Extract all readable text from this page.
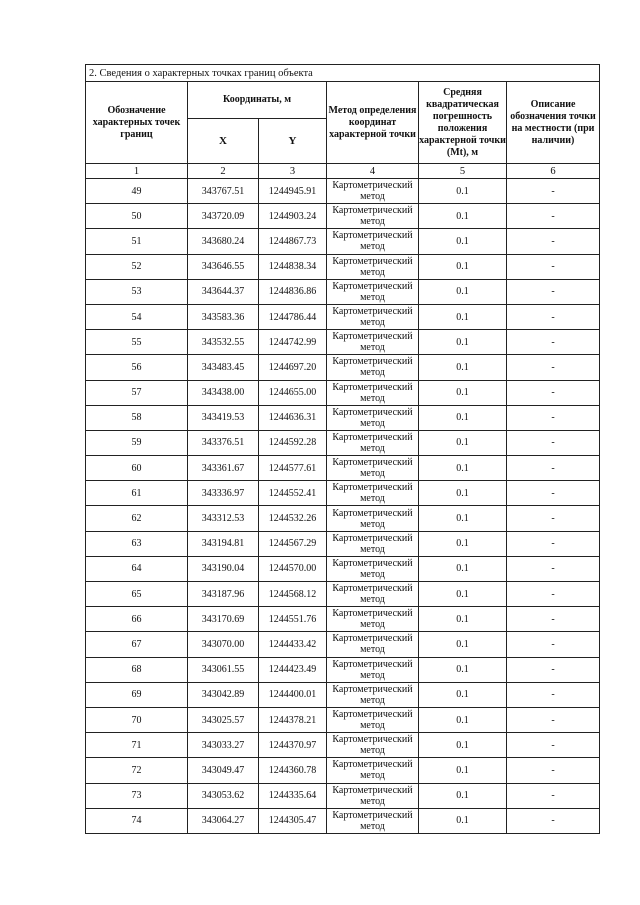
2. Сведения о характерных точках границ объекта					
Обозначение характерных точек границ	Координаты, м		Метод определения координат характерной точки	Средняя квадратическая погрешность положения характерной точки (Mt), м	Описание обозначения точки на местности (при наличии)
	X	Y			
1	2	3	4	5	6
49	343767.51	1244945.91	Картометрический метод	0.1	-
50	343720.09	1244903.24	Картометрический метод	0.1	-
51	343680.24	1244867.73	Картометрический метод	0.1	-
52	343646.55	1244838.34	Картометрический метод	0.1	-
53	343644.37	1244836.86	Картометрический метод	0.1	-
54	343583.36	1244786.44	Картометрический метод	0.1	-
55	343532.55	1244742.99	Картометрический метод	0.1	-
56	343483.45	1244697.20	Картометрический метод	0.1	-
57	343438.00	1244655.00	Картометрический метод	0.1	-
58	343419.53	1244636.31	Картометрический метод	0.1	-
59	343376.51	1244592.28	Картометрический метод	0.1	-
60	343361.67	1244577.61	Картометрический метод	0.1	-
61	343336.97	1244552.41	Картометрический метод	0.1	-
62	343312.53	1244532.26	Картометрический метод	0.1	-
63	343194.81	1244567.29	Картометрический метод	0.1	-
64	343190.04	1244570.00	Картометрический метод	0.1	-
65	343187.96	1244568.12	Картометрический метод	0.1	-
66	343170.69	1244551.76	Картометрический метод	0.1	-
67	343070.00	1244433.42	Картометрический метод	0.1	-
68	343061.55	1244423.49	Картометрический метод	0.1	-
69	343042.89	1244400.01	Картометрический метод	0.1	-
70	343025.57	1244378.21	Картометрический метод	0.1	-
71	343033.27	1244370.97	Картометрический метод	0.1	-
72	343049.47	1244360.78	Картометрический метод	0.1	-
73	343053.62	1244335.64	Картометрический метод	0.1	-
74	343064.27	1244305.47	Картометрический метод	0.1	-
